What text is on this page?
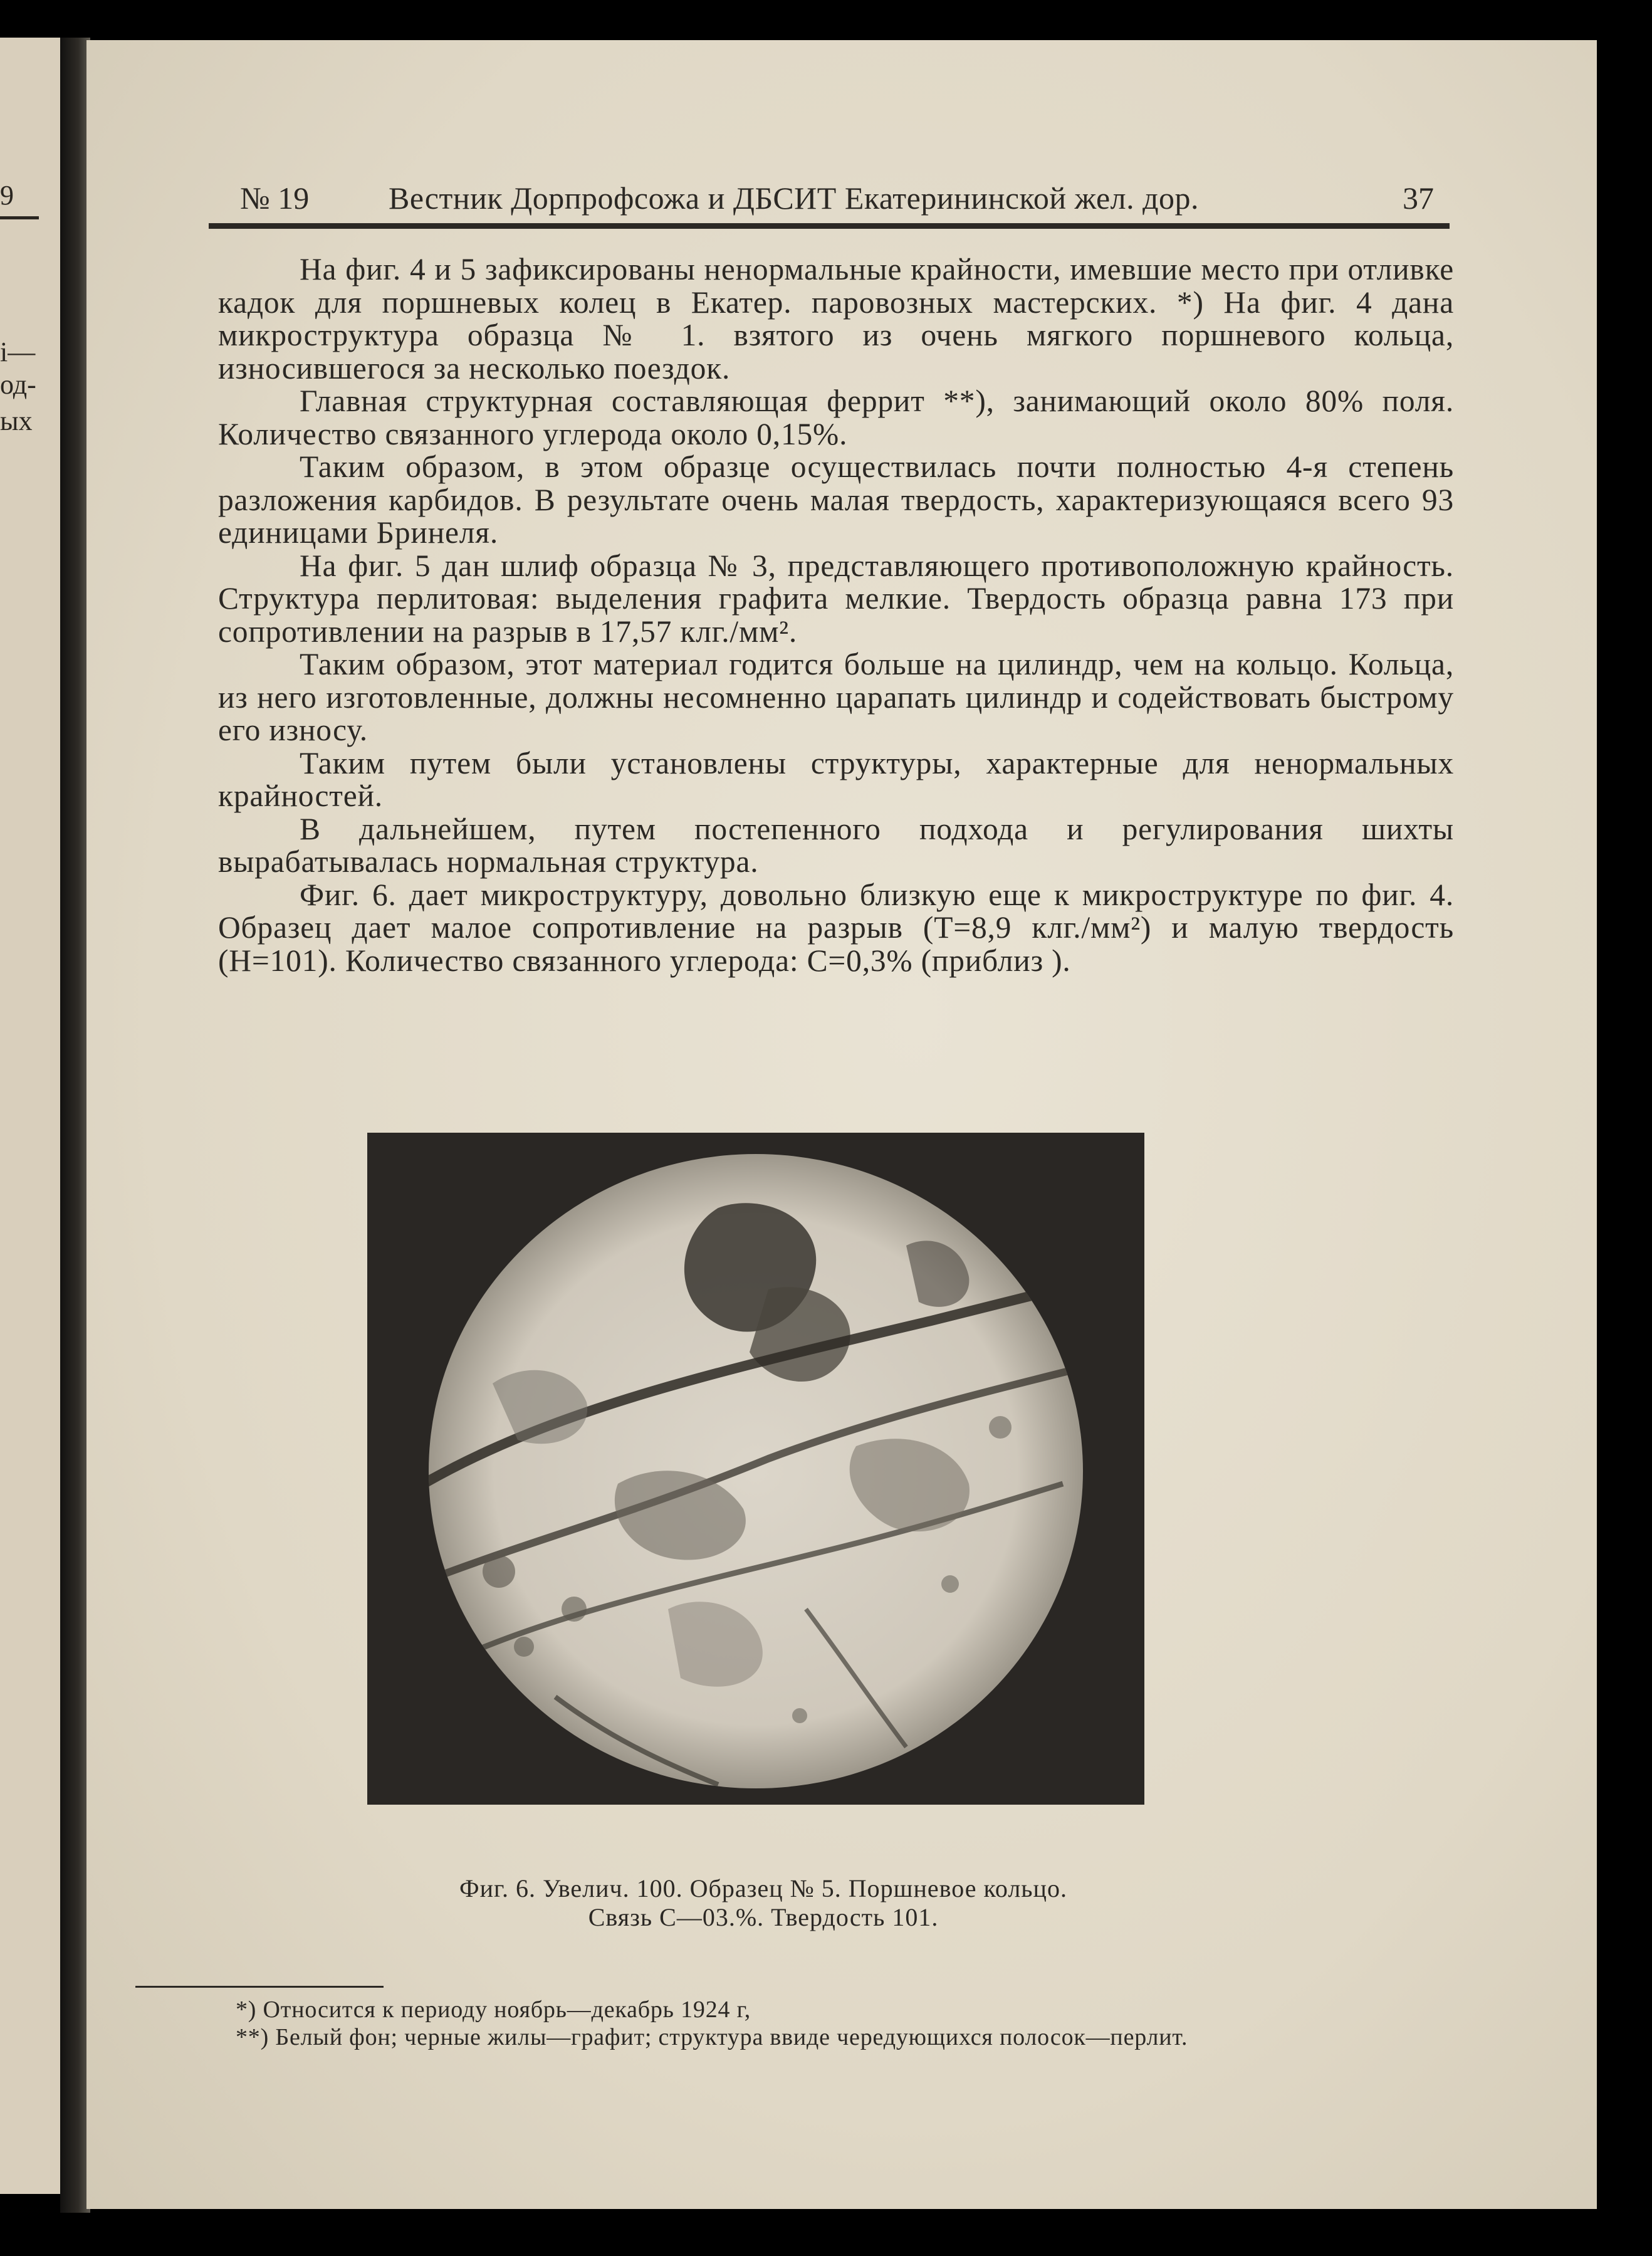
9
i—
од-
ых
№ 19	Вестник Дорпрофсожа и ДБСИТ Екатерининской жел. дор.	37

На фиг. 4 и 5 зафиксированы ненормальные крайности, имевшие место при отливке кадок для поршневых колец в Екатер. паровозных мастерских. *) На фиг. 4 дана микроструктура образца № 1. взятого из очень мягкого поршневого кольца, износившегося за несколько поездок.

Главная структурная составляющая феррит **), занимающий около 80% поля. Количество связанного углерода около 0,15%.

Таким образом, в этом образце осуществилась почти полностью 4-я степень разложения карбидов. В результате очень малая твердость, характеризующаяся всего 93 единицами Бринеля.

На фиг. 5 дан шлиф образца № 3, представляющего противоположную крайность. Структура перлитовая: выделения графита мелкие. Твердость образца равна 173 при сопротивлении на разрыв в 17,57 клг./мм².

Таким образом, этот материал годится больше на цилиндр, чем на кольцо. Кольца, из него изготовленные, должны несомненно царапать цилиндр и содействовать быстрому его износу.

Таким путем были установлены структуры, характерные для ненормальных крайностей.

В дальнейшем, путем постепенного подхода и регулирования шихты вырабатывалась нормальная структура.

Фиг. 6. дает микроструктуру, довольно близкую еще к микроструктуре по фиг. 4. Образец дает малое сопротивление на разрыв (T=8,9 клг./мм²) и малую твердость (H=101). Количество связанного углерода: C=0,3% (приблиз ).

Фиг. 6. Увелич. 100. Образец № 5. Поршневое кольцо.
Связь C—03.%. Твердость 101.

*) Относится к периоду ноябрь—декабрь 1924 г,

**) Белый фон; черные жилы—графит; структура ввиде чередующихся полосок—перлит.
